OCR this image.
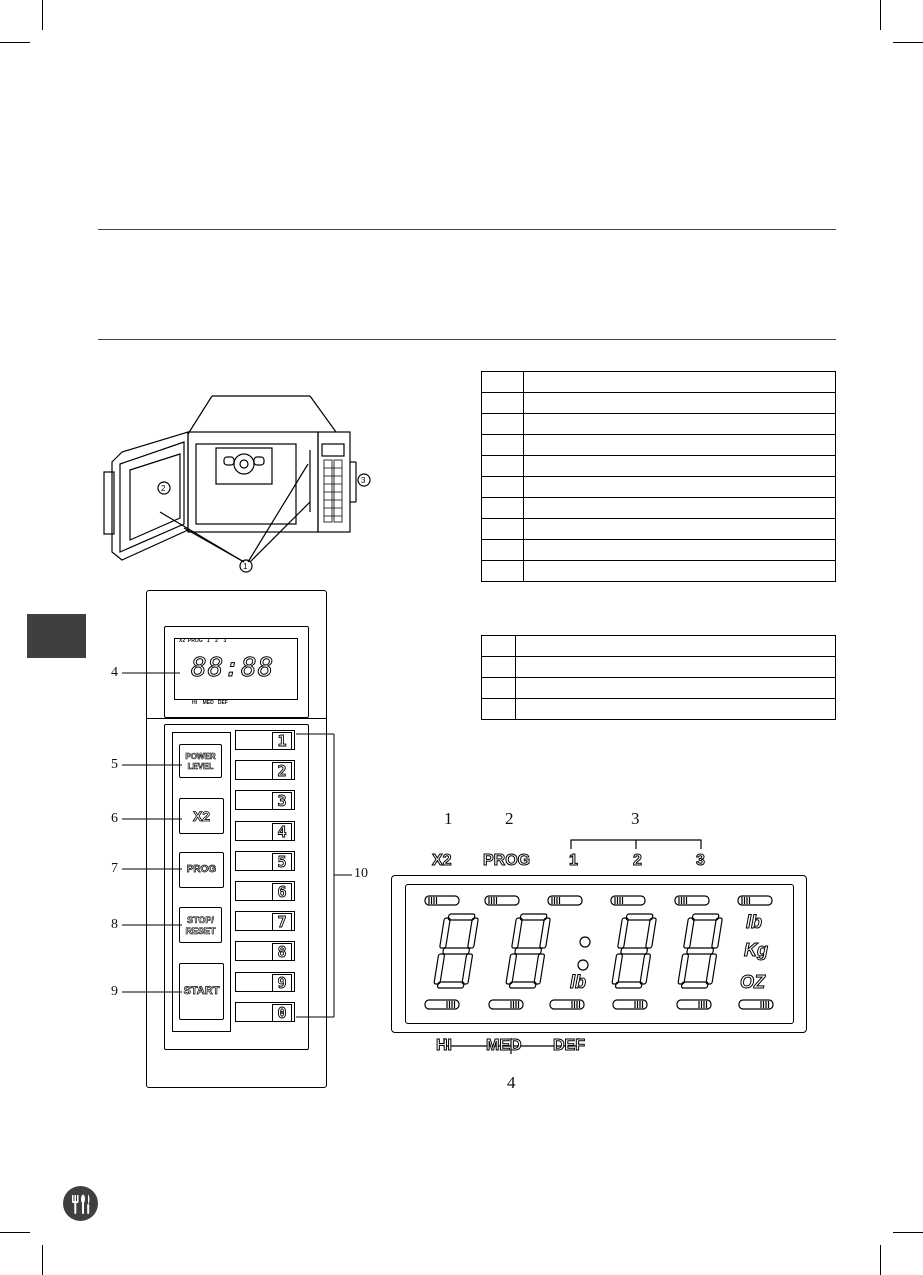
1
2
3

X2 PROG 1 2 3
88:88
HI MED DEF
POWER
LEVEL
X2
PROG
STOP/
RESET
START
1
2
3
4
5
6
7
8
9
0
4
5
6
7
8
9
10
1	2	3
4
X2 PROG 1	2	3
lb
Kg
OZ
lb
HI MED DEF
